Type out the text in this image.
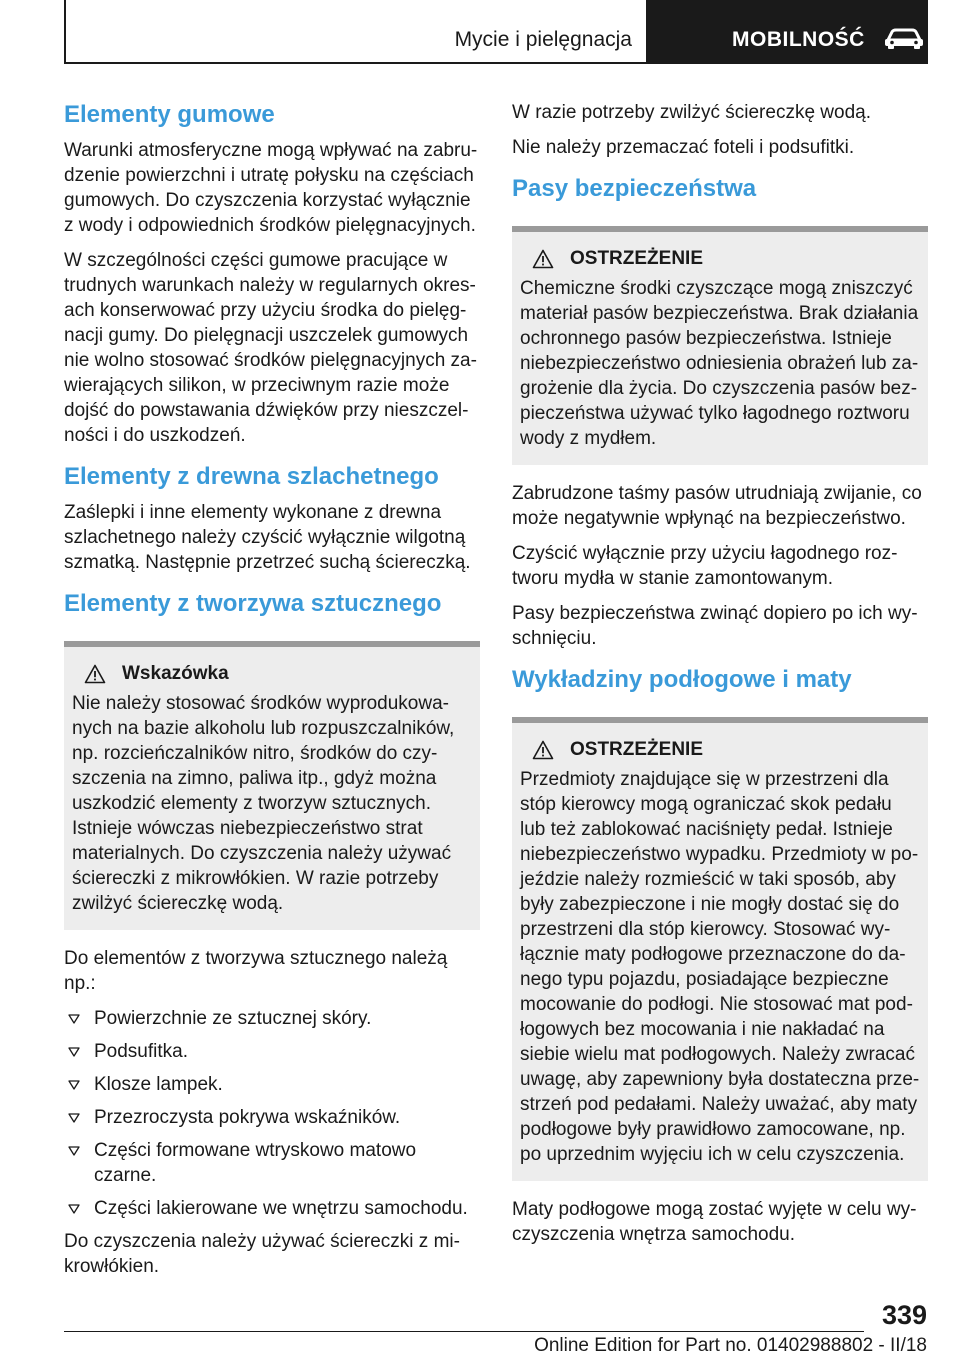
Mycie i pielęgnacja	MOBILNOŚĆ
Elementy gumowe

Warunki atmosferyczne mogą wpływać na zabrudzenie powierzchni i utratę połysku na częściach gumowych. Do czyszczenia korzystać wyłącznie z wody i odpowiednich środków pielęgnacyjnych.

W szczególności części gumowe pracujące w trudnych warunkach należy w regularnych okresach konserwować przy użyciu środka do pielęgnacji gumy. Do pielęgnacji uszczelek gumowych nie wolno stosować środków pielęgnacyjnych zawierających silikon, w przeciwnym razie może dojść do powstawania dźwięków przy nieszczelności i do uszkodzeń.

Elementy z drewna szlachetnego

Zaślepki i inne elementy wykonane z drewna szlachetnego należy czyścić wyłącznie wilgotną szmatką. Następnie przetrzeć suchą ściereczką.

Elementy z tworzywa sztucznego
Wskazówka

Nie należy stosować środków wyprodukowanych na bazie alkoholu lub rozpuszczalników, np. rozcieńczalników nitro, środków do czyszczenia na zimno, paliwa itp., gdyż można uszkodzić elementy z tworzyw sztucznych. Istnieje wówczas niebezpieczeństwo strat materialnych. Do czyszczenia należy używać ściereczki z mikrowłókien. W razie potrzeby zwilżyć ściereczkę wodą.

Do elementów z tworzywa sztucznego należą np.:

Powierzchnie ze sztucznej skóry.
Podsufitka.
Klosze lampek.
Przezroczysta pokrywa wskaźników.
Części formowane wtryskowo matowo czarne.
Części lakierowane we wnętrzu samochodu.

Do czyszczenia należy używać ściereczki z mikrowłókien.

W razie potrzeby zwilżyć ściereczkę wodą.

Nie należy przemaczać foteli i podsufitki.

Pasy bezpieczeństwa
OSTRZEŻENIE

Chemiczne środki czyszczące mogą zniszczyć materiał pasów bezpieczeństwa. Brak działania ochronnego pasów bezpieczeństwa. Istnieje niebezpieczeństwo odniesienia obrażeń lub zagrożenie dla życia. Do czyszczenia pasów bezpieczeństwa używać tylko łagodnego roztworu wody z mydłem.

Zabrudzone taśmy pasów utrudniają zwijanie, co może negatywnie wpłynąć na bezpieczeństwo.

Czyścić wyłącznie przy użyciu łagodnego roztworu mydła w stanie zamontowanym.

Pasy bezpieczeństwa zwinąć dopiero po ich wyschnięciu.

Wykładziny podłogowe i maty
OSTRZEŻENIE

Przedmioty znajdujące się w przestrzeni dla stóp kierowcy mogą ograniczać skok pedału lub też zablokować naciśnięty pedał. Istnieje niebezpieczeństwo wypadku. Przedmioty w pojeździe należy rozmieścić w taki sposób, aby były zabezpieczone i nie mogły dostać się do przestrzeni dla stóp kierowcy. Stosować wyłącznie maty podłogowe przeznaczone do danego typu pojazdu, posiadające bezpieczne mocowanie do podłogi. Nie stosować mat podłogowych bez mocowania i nie nakładać na siebie wielu mat podłogowych. Należy zwracać uwagę, aby zapewniony była dostateczna przestrzeń pod pedałami. Należy uważać, aby maty podłogowe były prawidłowo zamocowane, np. po uprzednim wyjęciu ich w celu czyszczenia.

Maty podłogowe mogą zostać wyjęte w celu wyczyszczenia wnętrza samochodu.

339
Online Edition for Part no. 01402988802 - II/18
